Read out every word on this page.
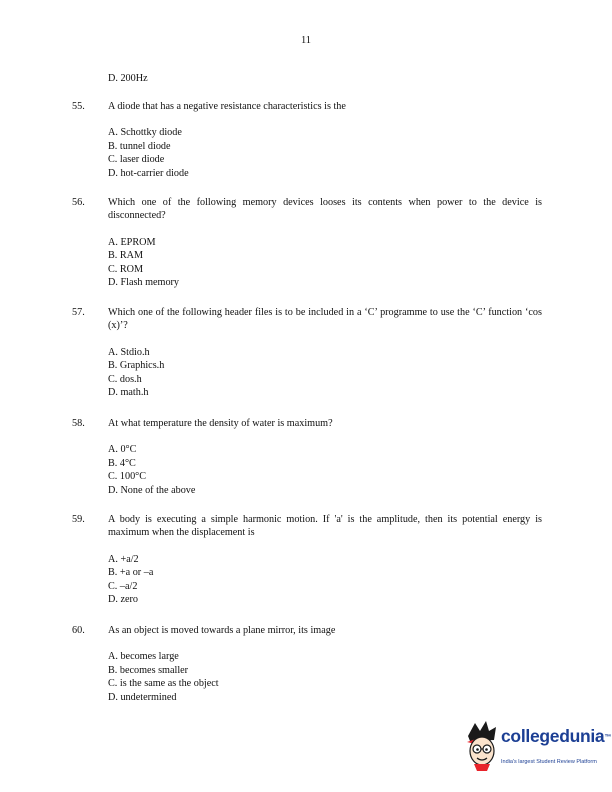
11
D. 200Hz
55.	A diode that has a negative resistance characteristics is the
A. Schottky diode
B. tunnel diode
C. laser diode
D. hot-carrier diode
56.	Which one of the following memory devices looses its contents when power to the device is disconnected?
A. EPROM
B. RAM
C. ROM
D. Flash memory
57.	Which one of the following header files is to be included in a ‘C’ programme to use the ‘C’ function ‘cos (x)’?
A. Stdio.h
B. Graphics.h
C. dos.h
D. math.h
58.	At what temperature the density of water is maximum?
A. 0°C
B. 4°C
C. 100°C
D. None of the above
59.	A body is executing a simple harmonic motion. If 'a' is the amplitude, then its potential energy is maximum when the displacement is
A. +a/2
B. +a or –a
C. –a/2
D. zero
60.	As an object is moved towards a plane mirror, its image
A. becomes large
B. becomes smaller
C. is the same as the object
D. undetermined
collegedunia™
India's largest Student Review Platform
